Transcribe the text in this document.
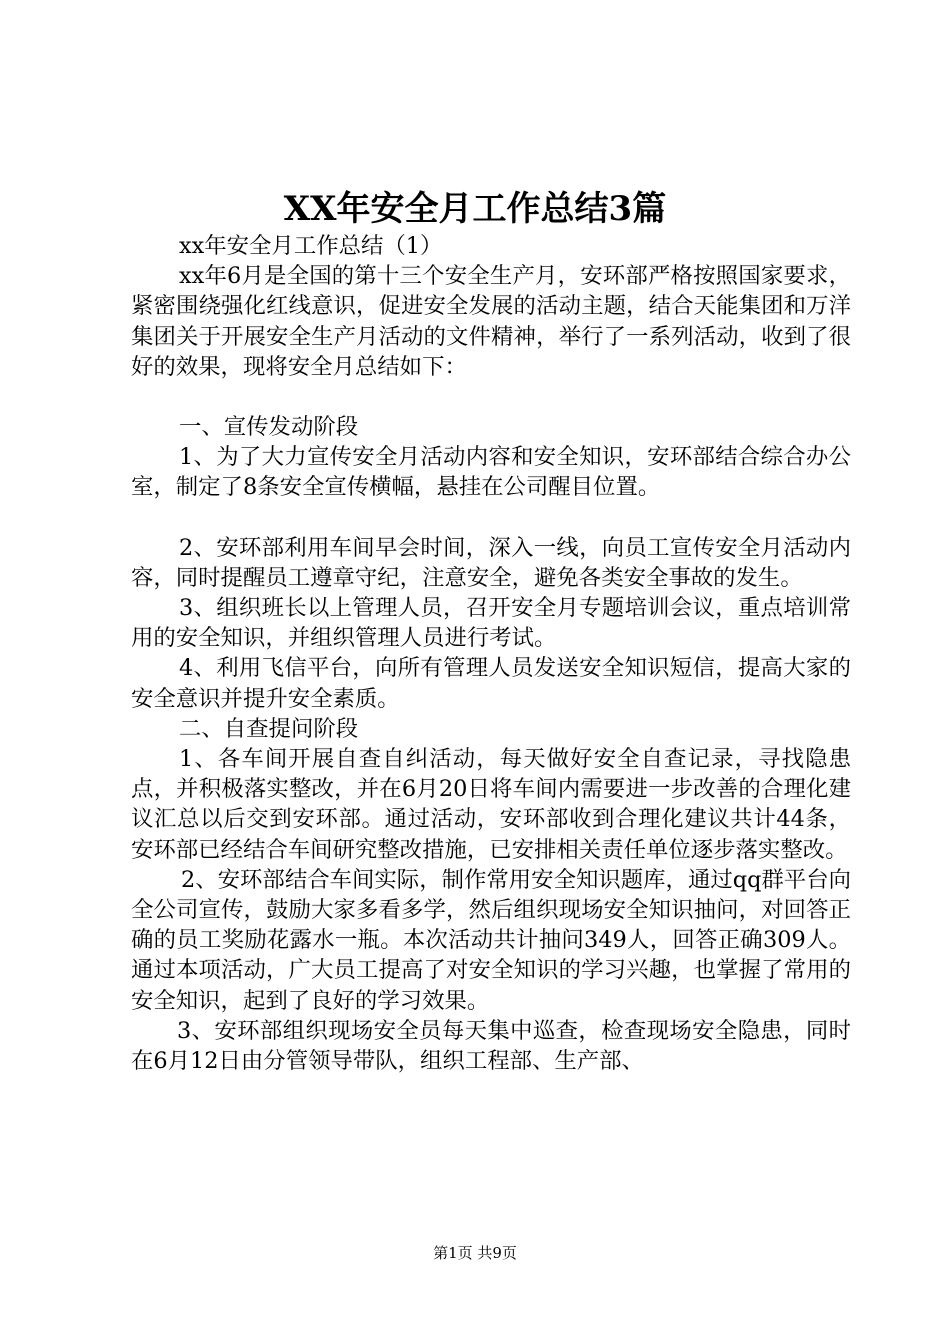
XX年安全月工作总结3篇

xx年安全月工作总结（1）

xx年6月是全国的第十三个安全生产月，安环部严格按照国家要求，紧密围绕强化红线意识，促进安全发展的活动主题，结合天能集团和万洋集团关于开展安全生产月活动的文件精神，举行了一系列活动，收到了很好的效果，现将安全月总结如下：

一、宣传发动阶段

1、为了大力宣传安全月活动内容和安全知识，安环部结合综合办公室，制定了8条安全宣传横幅，悬挂在公司醒目位置。

2、安环部利用车间早会时间，深入一线，向员工宣传安全月活动内容，同时提醒员工遵章守纪，注意安全，避免各类安全事故的发生。

3、组织班长以上管理人员，召开安全月专题培训会议，重点培训常用的安全知识，并组织管理人员进行考试。

4、利用飞信平台，向所有管理人员发送安全知识短信，提高大家的安全意识并提升安全素质。

二、自查提问阶段

1、各车间开展自查自纠活动，每天做好安全自查记录，寻找隐患点，并积极落实整改，并在6月20日将车间内需要进一步改善的合理化建议汇总以后交到安环部。通过活动，安环部收到合理化建议共计44条，安环部已经结合车间研究整改措施，已安排相关责任单位逐步落实整改。

2、安环部结合车间实际，制作常用安全知识题库，通过qq群平台向全公司宣传，鼓励大家多看多学，然后组织现场安全知识抽问，对回答正确的员工奖励花露水一瓶。本次活动共计抽问349人，回答正确309人。通过本项活动，广大员工提高了对安全知识的学习兴趣，也掌握了常用的安全知识，起到了良好的学习效果。

3、安环部组织现场安全员每天集中巡查，检查现场安全隐患，同时在6月12日由分管领导带队，组织工程部、生产部、

第1页 共9页
